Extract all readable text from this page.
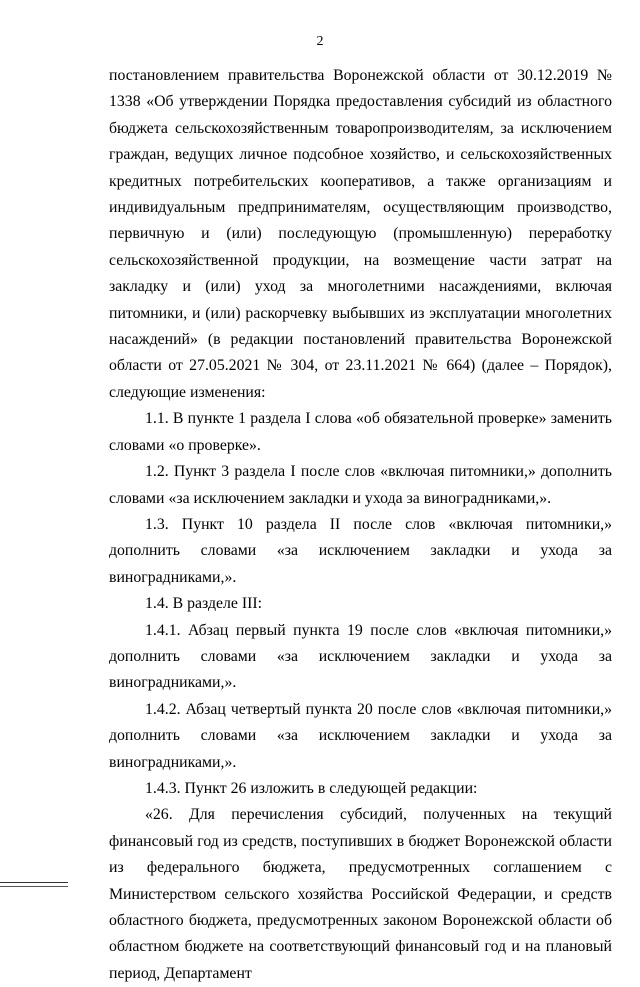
2

постановлением правительства Воронежской области от 30.12.2019 № 1338 «Об утверждении Порядка предоставления субсидий из областного бюджета сельскохозяйственным товаропроизводителям, за исключением граждан, ведущих личное подсобное хозяйство, и сельскохозяйственных кредитных потребительских кооперативов, а также организациям и индивидуальным предпринимателям, осуществляющим производство, первичную и (или) последующую (промышленную) переработку сельскохозяйственной продукции, на возмещение части затрат на закладку и (или) уход за многолетними насаждениями, включая питомники, и (или) раскорчевку выбывших из эксплуатации многолетних насаждений» (в редакции постановлений правительства Воронежской области от 27.05.2021 № 304, от 23.11.2021 № 664) (далее – Порядок), следующие изменения:

1.1. В пункте 1 раздела I слова «об обязательной проверке» заменить словами «о проверке».

1.2. Пункт 3 раздела I после слов «включая питомники,» дополнить словами «за исключением закладки и ухода за виноградниками,».

1.3. Пункт 10 раздела II после слов «включая питомники,» дополнить словами «за исключением закладки и ухода за виноградниками,».

1.4. В разделе III:

1.4.1. Абзац первый пункта 19 после слов «включая питомники,» дополнить словами «за исключением закладки и ухода за виноградниками,».

1.4.2. Абзац четвертый пункта 20 после слов «включая питомники,» дополнить словами «за исключением закладки и ухода за виноградниками,».

1.4.3. Пункт 26 изложить в следующей редакции:

«26. Для перечисления субсидий, полученных на текущий финансовый год из средств, поступивших в бюджет Воронежской области из федерального бюджета, предусмотренных соглашением с Министерством сельского хозяйства Российской Федерации, и средств областного бюджета, предусмотренных законом Воронежской области об областном бюджете на соответствующий финансовый год и на плановый период, Департамент
